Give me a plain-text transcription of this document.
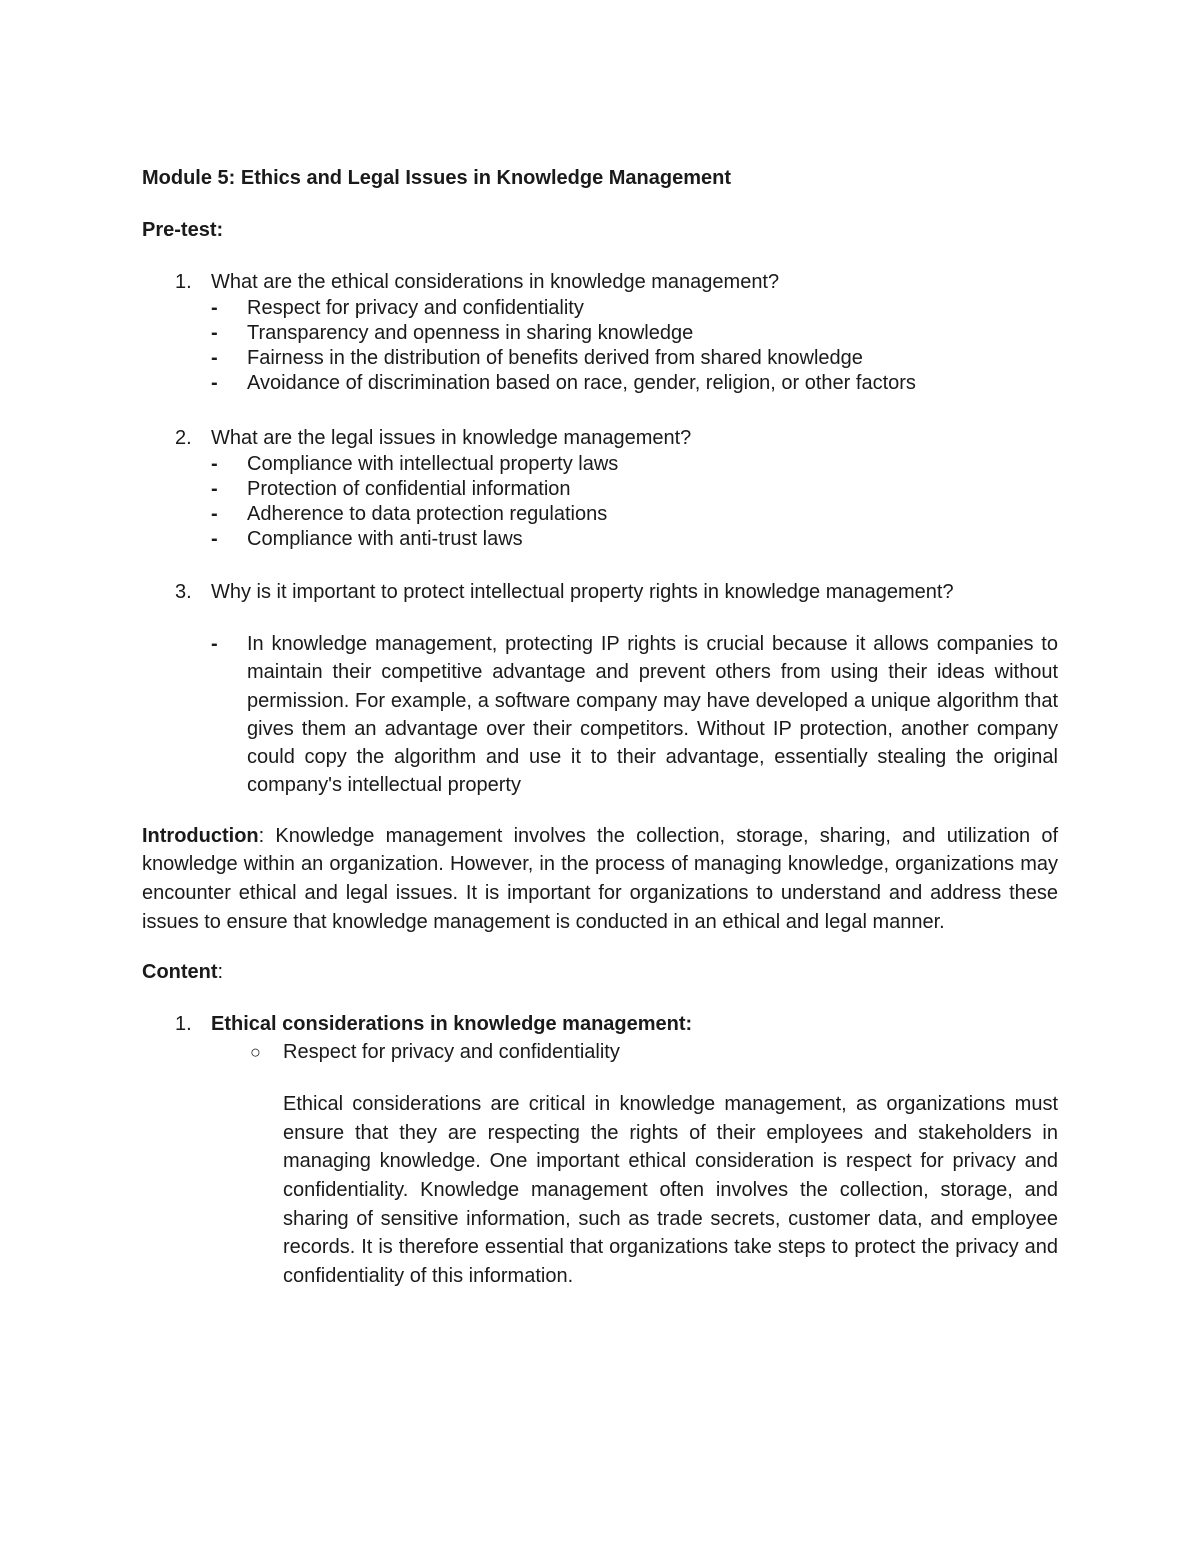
Module 5: Ethics and Legal Issues in Knowledge Management

Pre-test:

1. What are the ethical considerations in knowledge management?

- Respect for privacy and confidentiality
- Transparency and openness in sharing knowledge
- Fairness in the distribution of benefits derived from shared knowledge
- Avoidance of discrimination based on race, gender, religion, or other factors

2. What are the legal issues in knowledge management?

- Compliance with intellectual property laws
- Protection of confidential information
- Adherence to data protection regulations
- Compliance with anti-trust laws

3. Why is it important to protect intellectual property rights in knowledge management?

- In knowledge management, protecting IP rights is crucial because it allows companies to maintain their competitive advantage and prevent others from using their ideas without permission. For example, a software company may have developed a unique algorithm that gives them an advantage over their competitors. Without IP protection, another company could copy the algorithm and use it to their advantage, essentially stealing the original company's intellectual property

Introduction: Knowledge management involves the collection, storage, sharing, and utilization of knowledge within an organization. However, in the process of managing knowledge, organizations may encounter ethical and legal issues. It is important for organizations to understand and address these issues to ensure that knowledge management is conducted in an ethical and legal manner.

Content:

1. Ethical considerations in knowledge management:

○ Respect for privacy and confidentiality

Ethical considerations are critical in knowledge management, as organizations must ensure that they are respecting the rights of their employees and stakeholders in managing knowledge. One important ethical consideration is respect for privacy and confidentiality. Knowledge management often involves the collection, storage, and sharing of sensitive information, such as trade secrets, customer data, and employee records. It is therefore essential that organizations take steps to protect the privacy and confidentiality of this information.
